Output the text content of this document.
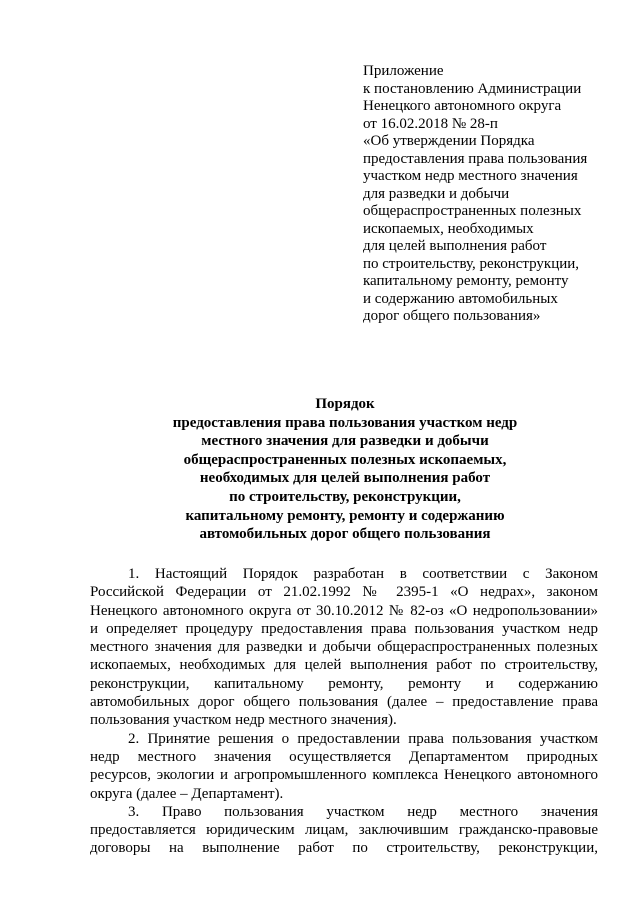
Приложение
к постановлению Администрации
Ненецкого автономного округа
от 16.02.2018 № 28-п
«Об утверждении Порядка
предоставления права пользования
участком недр местного значения
для разведки и добычи
общераспространенных полезных
ископаемых, необходимых
для целей выполнения работ
по строительству, реконструкции,
капитальному ремонту, ремонту
и содержанию автомобильных
дорог общего пользования»
Порядок
предоставления права пользования участком недр
местного значения для разведки и добычи
общераспространенных полезных ископаемых,
необходимых для целей выполнения работ
по строительству, реконструкции,
капитальному ремонту, ремонту и содержанию
автомобильных дорог общего пользования
1. Настоящий Порядок разработан в соответствии с Законом
Российской Федерации от 21.02.1992 № 2395-1 «О недрах», законом
Ненецкого автономного округа от 30.10.2012 № 82-оз «О недропользовании»
и определяет процедуру предоставления права пользования участком недр
местного значения для разведки и добычи общераспространенных полезных
ископаемых, необходимых для целей выполнения работ по строительству,
реконструкции, капитальному ремонту, ремонту и содержанию
автомобильных дорог общего пользования (далее – предоставление права
пользования участком недр местного значения).
2. Принятие решения о предоставлении права пользования участком
недр местного значения осуществляется Департаментом природных
ресурсов, экологии и агропромышленного комплекса Ненецкого автономного
округа (далее – Департамент).
3. Право пользования участком недр местного значения
предоставляется юридическим лицам, заключившим гражданско-правовые
договоры на выполнение работ по строительству, реконструкции,
